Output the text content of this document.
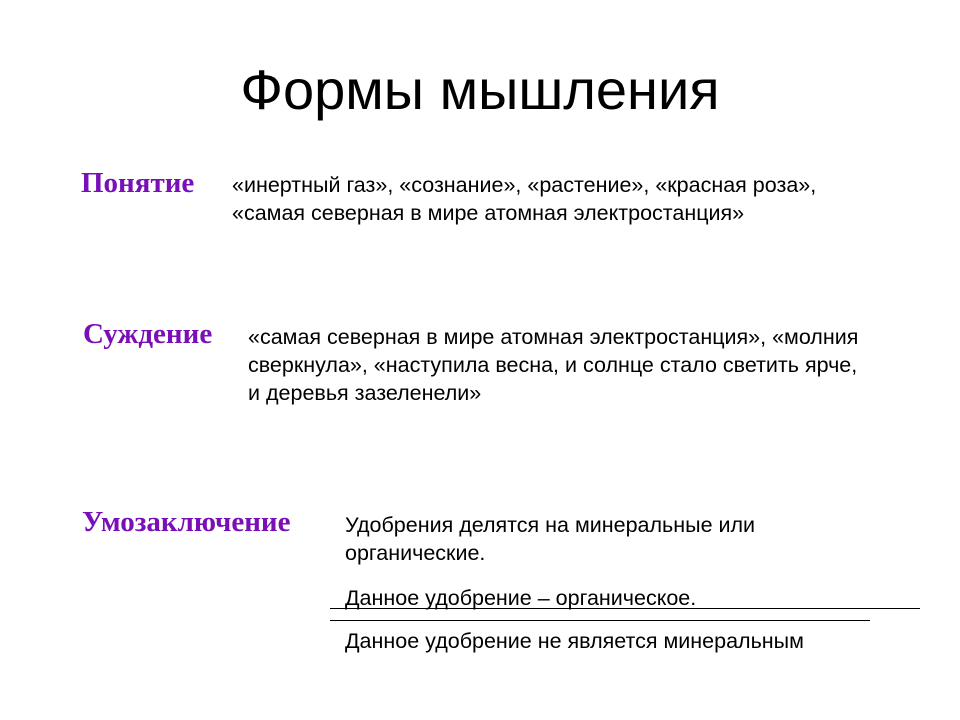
Формы мышления
Понятие «инертный газ», «сознание», «растение», «красная роза»,
«самая северная в мире атомная электростанция»
Суждение «самая северная в мире атомная электростанция», «молния
сверкнула», «наступила весна, и солнце стало светить ярче,
и деревья зазеленели»
Умозаключение	Удобрения делятся на минеральные или
органические.
Данное удобрение – органическое.
Данное удобрение не является минеральным
